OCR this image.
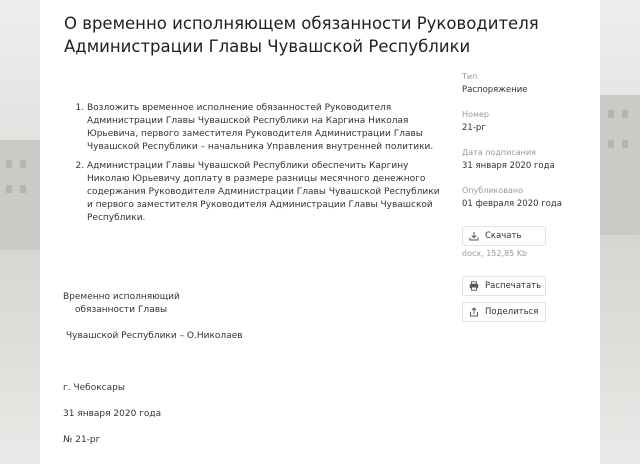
О временно исполняющем обязанности Руководителя Администрации Главы Чувашской Республики
1. Возложить временное исполнение обязанностей Руководителя Администрации Главы Чувашской Республики на Каргина Николая Юрьевича, первого заместителя Руководителя Администрации Главы Чувашской Республики – начальника Управления внутренней политики.
2. Администрации Главы Чувашской Республики обеспечить Каргину Николаю Юрьевичу доплату в размере разницы месячного денежного содержания Руководителя Администрации Главы Чувашской Республики и первого заместителя Руководителя Администрации Главы Чувашской Республики.
Временно исполняющий
обязанности Главы
Чувашской Республики – О.Николаев
г. Чебоксары
31 января 2020 года
№ 21-рг
Тип
Распоряжение
Номер
21-рг
Дата подписания
31 января 2020 года
Опубликовано
01 февраля 2020 года
Скачать
docx, 152,85 Kb
Распечатать
Поделиться
